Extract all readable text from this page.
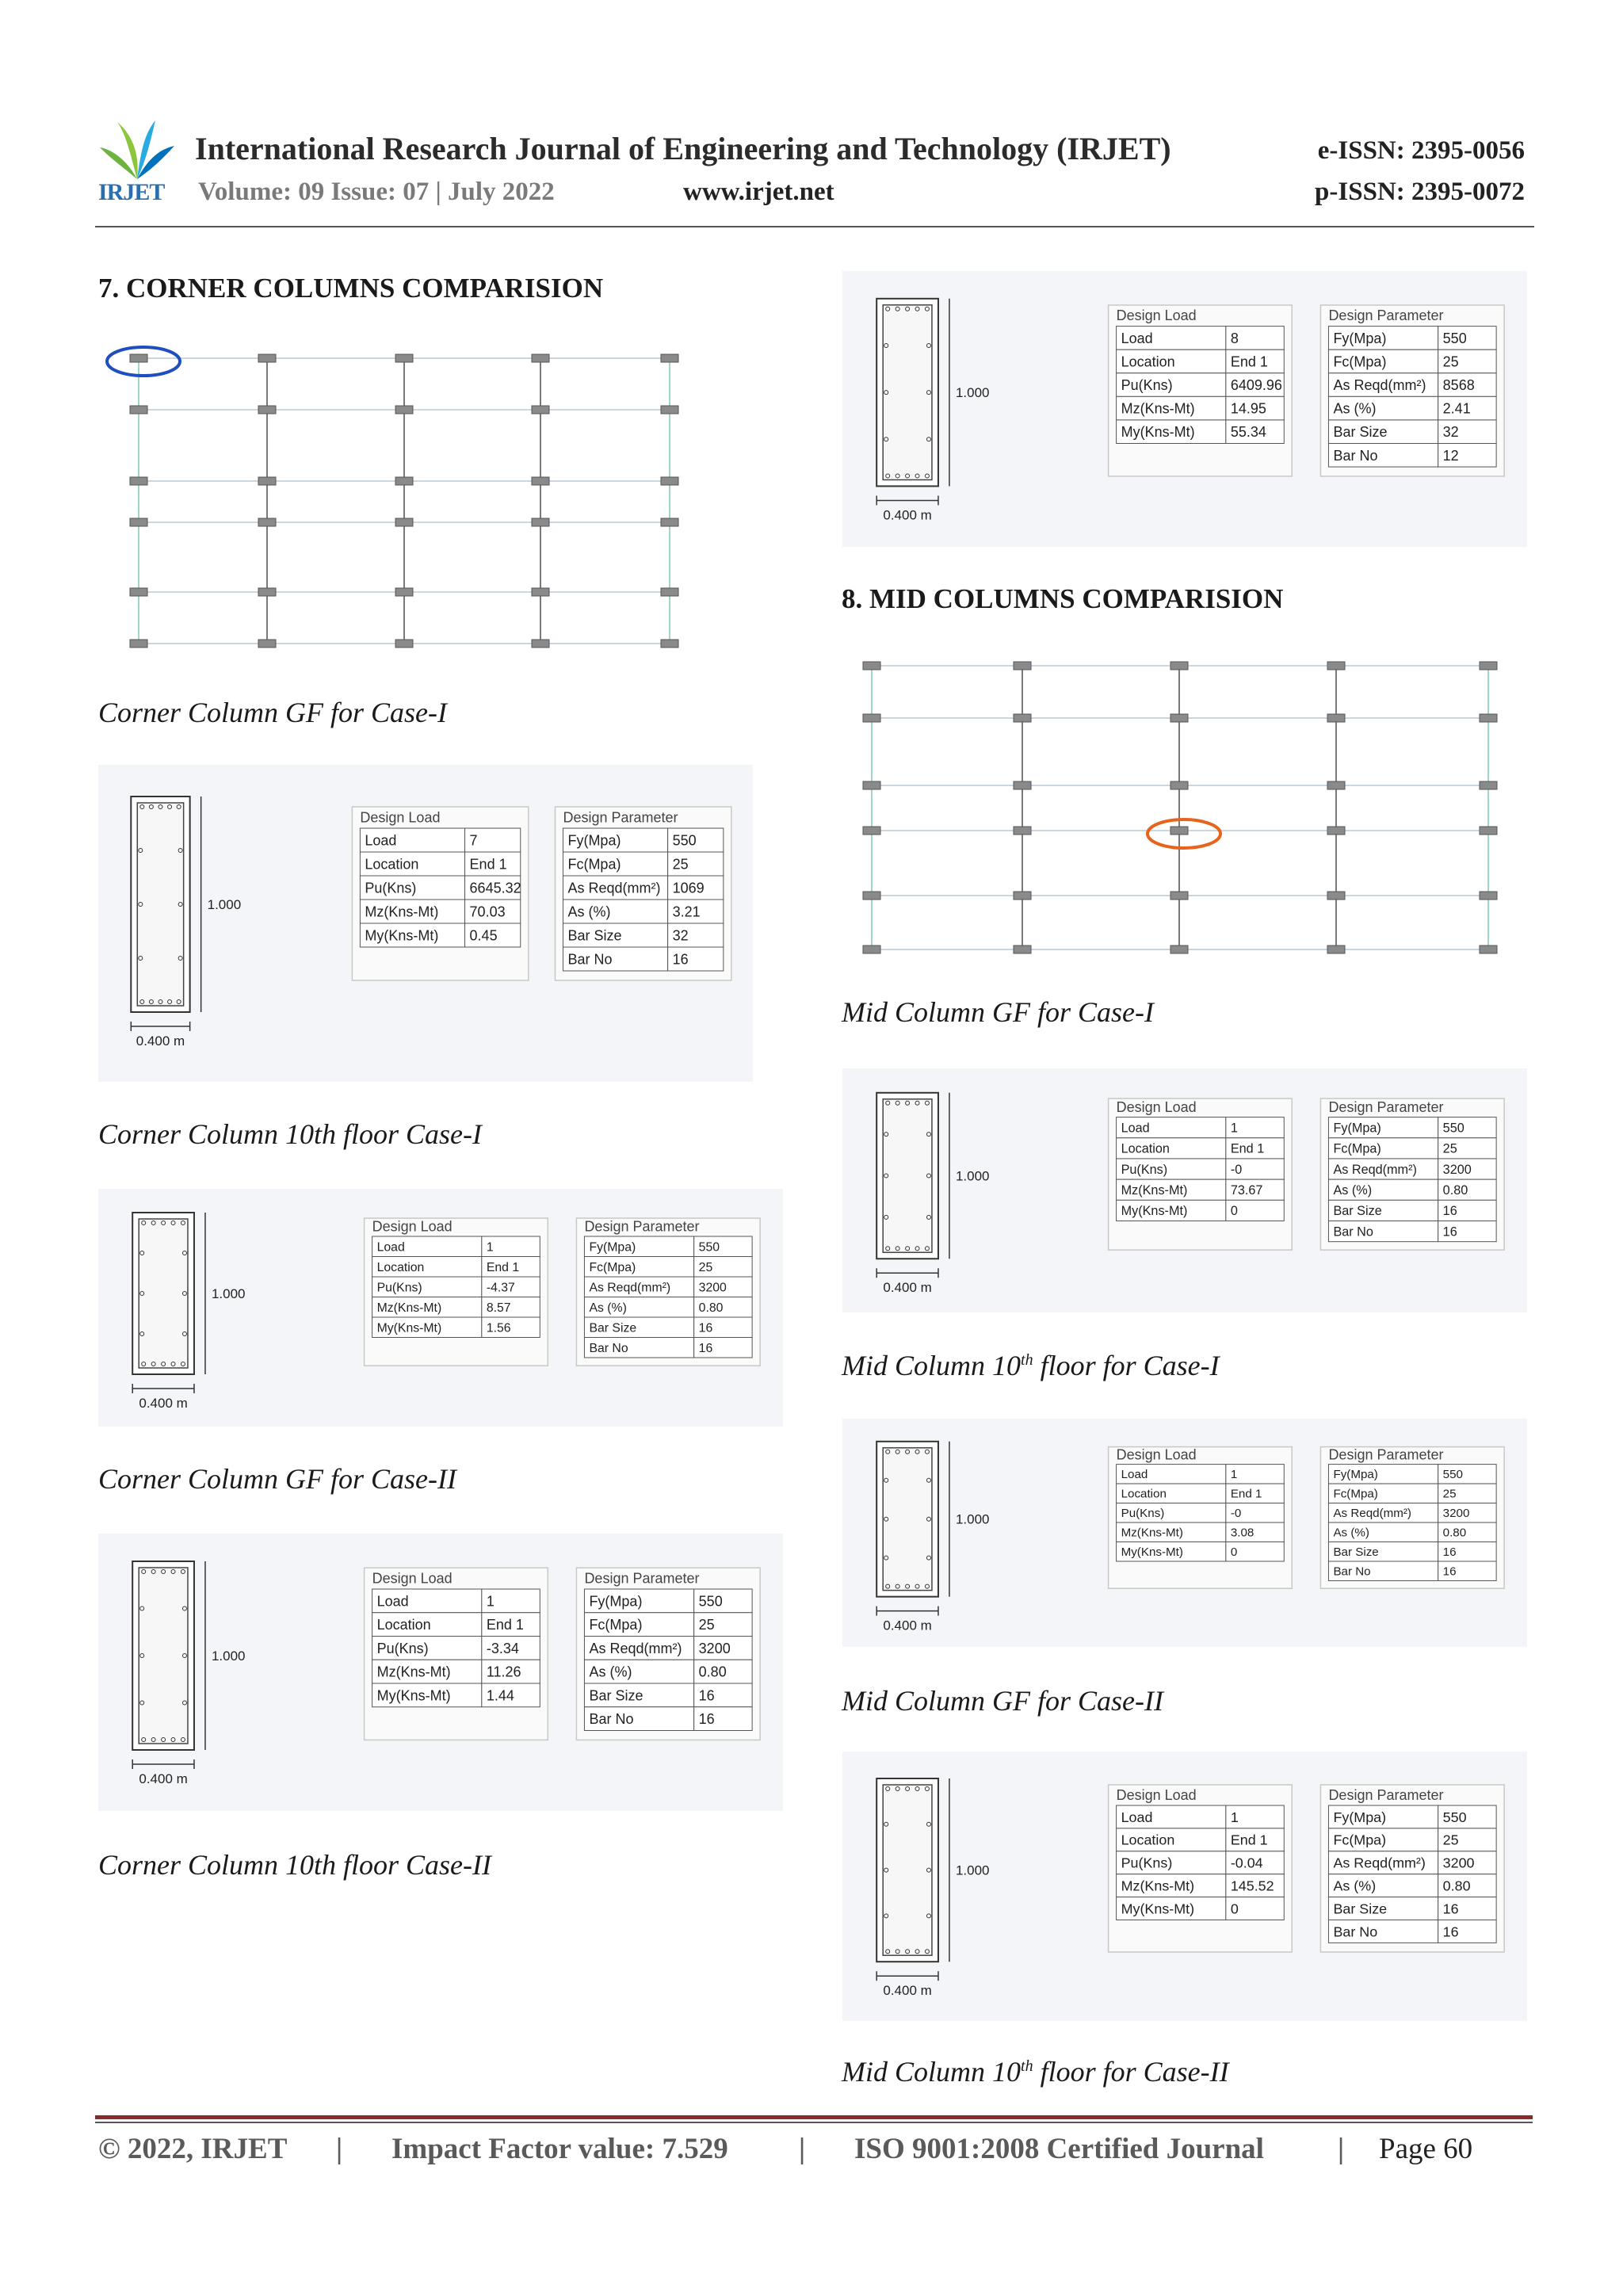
IRJET
International Research Journal of Engineering and Technology (IRJET)
Volume: 09 Issue: 07 | July 2022	www.irjet.net
e-ISSN: 2395-0056
p-ISSN: 2395-0072
7. CORNER COLUMNS COMPARISION
8. MID COLUMNS COMPARISION
Corner Column GF for Case-I
Corner Column 10th floor Case-I
Corner Column GF for Case-II
Corner Column 10th floor Case-II
Mid Column GF for Case-I
Mid Column 10th floor for Case-I
Mid Column GF for Case-II
Mid Column 10th floor for Case-II
1.000
0.400 m
Design Load
Load	8
Location	End 1
Pu(Kns)	6409.96
Mz(Kns-Mt)	14.95
My(Kns-Mt)	55.34
Design Parameter
Fy(Mpa)	550
Fc(Mpa)	25
As Reqd(mm²) 8568
As (%)	2.41
Bar Size	32
Bar No	12
1.000
0.400 m
Design Load
Load	7
Location	End 1
Pu(Kns)	6645.32
Mz(Kns-Mt) 70.03
My(Kns-Mt) 0.45
Design Parameter
Fy(Mpa)	550
Fc(Mpa)	25
As Reqd(mm²) 1069
As (%)	3.21
Bar Size	32
Bar No	16
1.000
0.400 m
Design Load
Load	1
Location	End 1
Pu(Kns)	-4.37
Mz(Kns-Mt)	8.57
My(Kns-Mt)	1.56
Design Parameter
Fy(Mpa)	550
Fc(Mpa)	25
As Reqd(mm²) 3200
As (%)	0.80
Bar Size	16
Bar No	16
1.000
0.400 m
Design Load
Load	1
Location	End 1
Pu(Kns)	-3.34
Mz(Kns-Mt)	11.26
My(Kns-Mt)	1.44
Design Parameter
Fy(Mpa)	550
Fc(Mpa)	25
As Reqd(mm²) 3200
As (%)	0.80
Bar Size	16
Bar No	16
1.000
0.400 m
Design Load
Load	1
Location	End 1
Pu(Kns)	-0
Mz(Kns-Mt)	73.67
My(Kns-Mt)	0
Design Parameter
Fy(Mpa)	550
Fc(Mpa)	25
As Reqd(mm²) 3200
As (%)	0.80
Bar Size	16
Bar No	16
1.000
0.400 m
Design Load
Load	1
Location	End 1
Pu(Kns)	-0
Mz(Kns-Mt)	3.08
My(Kns-Mt)	0
Design Parameter
Fy(Mpa)	550
Fc(Mpa)	25
As Reqd(mm²)	3200
As (%)	0.80
Bar Size	16
Bar No	16
1.000
0.400 m
Design Load
Load	1
Location	End 1
Pu(Kns)	-0.04
Mz(Kns-Mt)	145.52
My(Kns-Mt)	0
Design Parameter
Fy(Mpa)	550
Fc(Mpa)	25
As Reqd(mm²) 3200
As (%)	0.80
Bar Size	16
Bar No	16
© 2022, IRJET | Impact Factor value: 7.529 | ISO 9001:2008 Certified Journal	| Page 60
